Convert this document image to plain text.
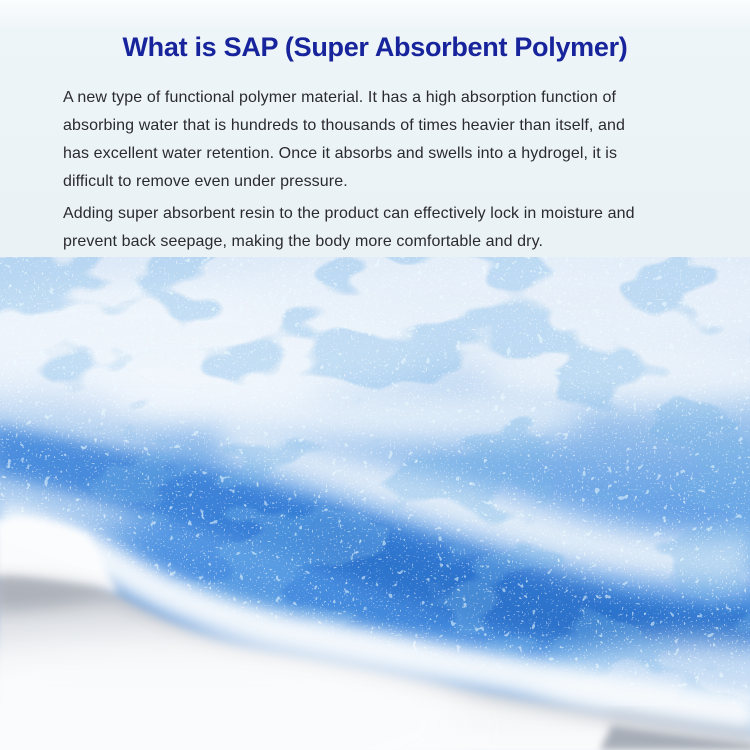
What is SAP (Super Absorbent Polymer)

A new type of functional polymer material. It has a high absorption function of
absorbing water that is hundreds to thousands of times heavier than itself, and
has excellent water retention. Once it absorbs and swells into a hydrogel, it is
difficult to remove even under pressure.

Adding super absorbent resin to the product can effectively lock in moisture and
prevent back seepage, making the body more comfortable and dry.
